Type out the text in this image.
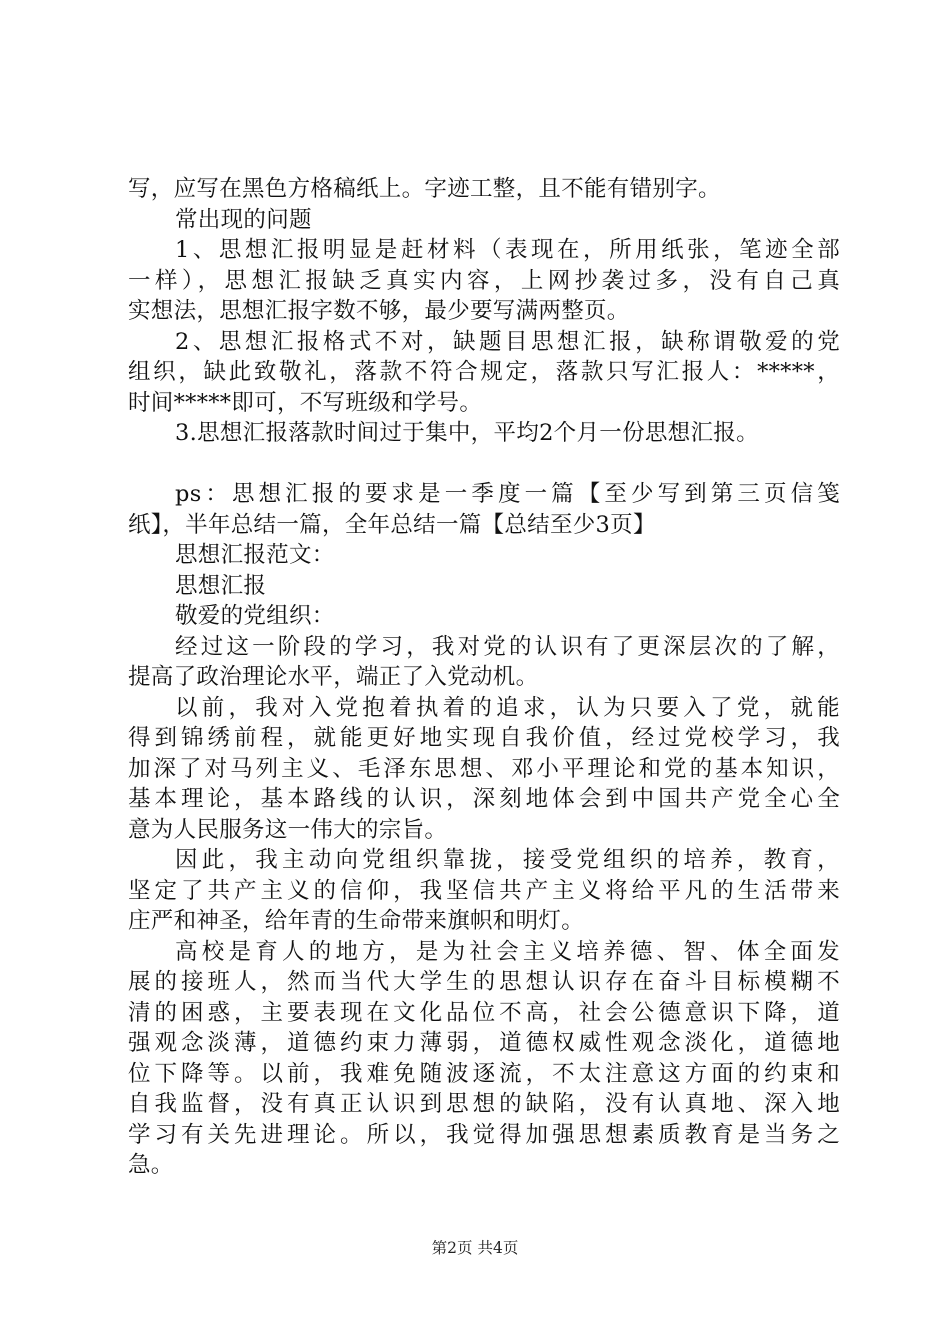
写，应写在黑色方格稿纸上。字迹工整，且不能有错别字。
常出现的问题
1、思想汇报明显是赶材料（表现在，所用纸张，笔迹全部
一样），思想汇报缺乏真实内容，上网抄袭过多，没有自己真
实想法，思想汇报字数不够，最少要写满两整页。
2、思想汇报格式不对，缺题目思想汇报，缺称谓敬爱的党
组织，缺此致敬礼，落款不符合规定，落款只写汇报人：*****，
时间*****即可，不写班级和学号。
3.思想汇报落款时间过于集中，平均2个月一份思想汇报。
ps：思想汇报的要求是一季度一篇【至少写到第三页信笺
纸】，半年总结一篇，全年总结一篇【总结至少3页】
思想汇报范文：
思想汇报
敬爱的党组织：
经过这一阶段的学习，我对党的认识有了更深层次的了解，
提高了政治理论水平，端正了入党动机。
以前，我对入党抱着执着的追求，认为只要入了党，就能
得到锦绣前程，就能更好地实现自我价值，经过党校学习，我
加深了对马列主义、毛泽东思想、邓小平理论和党的基本知识，
基本理论，基本路线的认识，深刻地体会到中国共产党全心全
意为人民服务这一伟大的宗旨。
因此，我主动向党组织靠拢，接受党组织的培养，教育，
坚定了共产主义的信仰，我坚信共产主义将给平凡的生活带来
庄严和神圣，给年青的生命带来旗帜和明灯。
高校是育人的地方，是为社会主义培养德、智、体全面发
展的接班人，然而当代大学生的思想认识存在奋斗目标模糊不
清的困惑，主要表现在文化品位不高，社会公德意识下降，道
强观念淡薄，道德约束力薄弱，道德权威性观念淡化，道德地
位下降等。以前，我难免随波逐流，不太注意这方面的约束和
自我监督，没有真正认识到思想的缺陷，没有认真地、深入地
学习有关先进理论。所以，我觉得加强思想素质教育是当务之
急。
第2页 共4页
